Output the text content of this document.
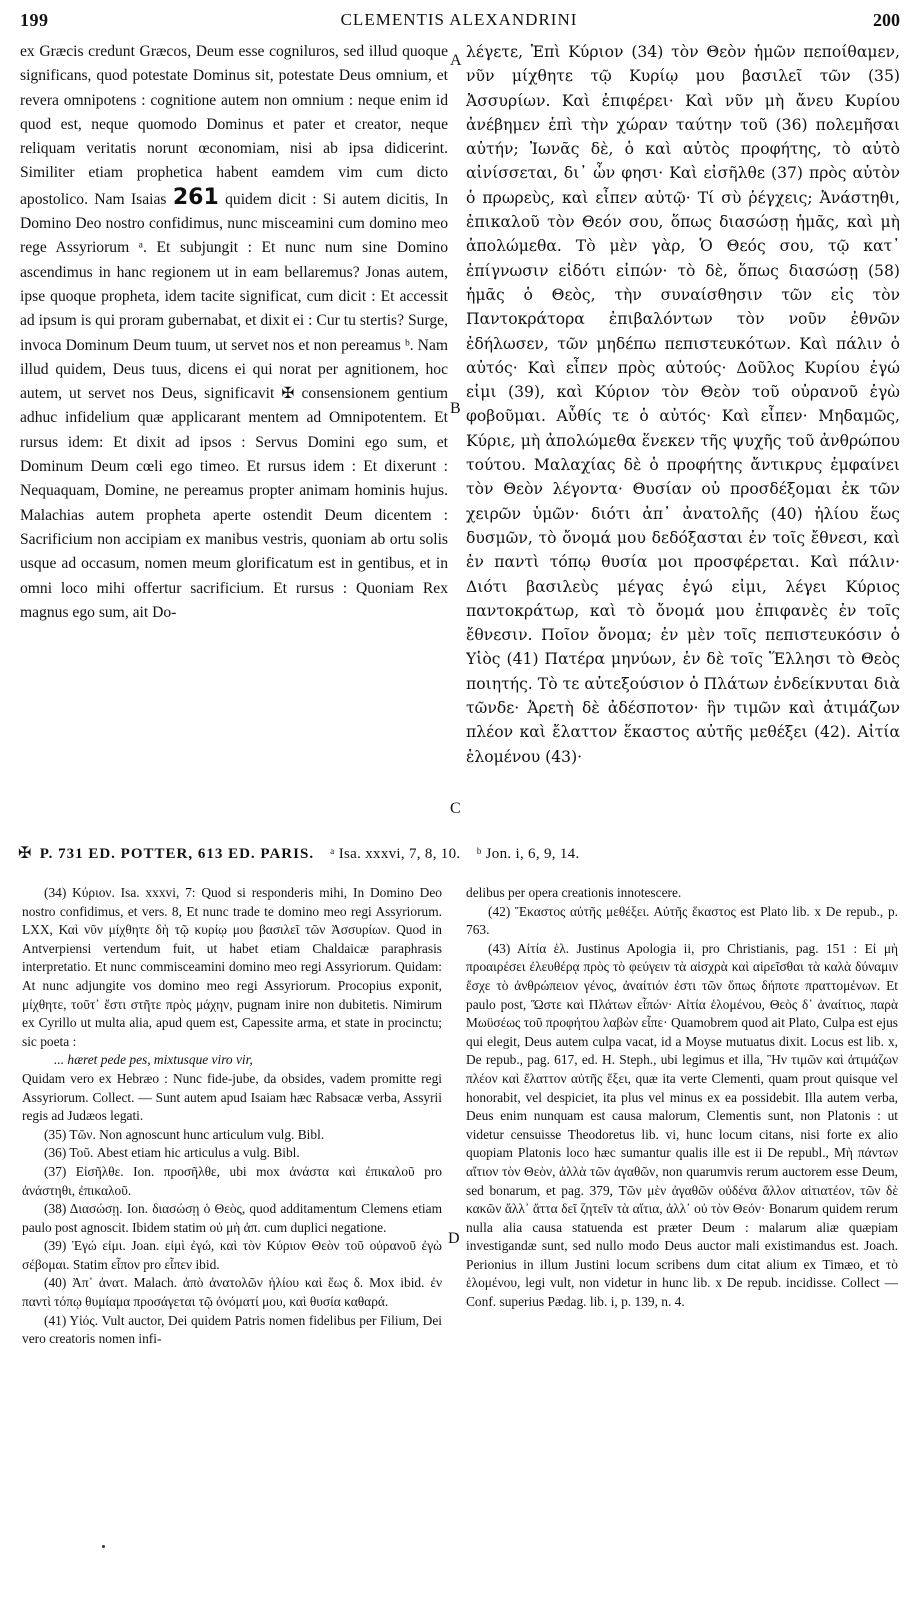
199	CLEMENTIS ALEXANDRINI	200

ex Græcis credunt Græcos, Deum esse cogniluros, sed illud quoque significans, quod potestate Dominus sit, potestate Deus omnium, et revera omnipotens : cognitione autem non omnium : neque enim id quod est, neque quomodo Dominus et pater et creator, neque reliquam veritatis norunt œconomiam, nisi ab ipsa didicerint. Similiter etiam prophetica habent eamdem vim cum dicto apostolico. Nam Isaias 261 quidem dicit : Si autem dicitis, In Domino Deo nostro confidimus, nunc misceamini cum domino meo rege Assyriorum ᵃ. Et subjungit : Et nunc num sine Domino ascendimus in hanc regionem ut in eam bellaremus? Jonas autem, ipse quoque propheta, idem tacite significat, cum dicit : Et accessit ad ipsum is qui proram gubernabat, et dixit ei : Cur tu stertis? Surge, invoca Dominum Deum tuum, ut servet nos et non pereamus ᵇ. Nam illud quidem, Deus tuus, dicens ei qui norat per agnitionem, hoc autem, ut servet nos Deus, significavit ✠ consensionem gentium adhuc infidelium quæ applicarant mentem ad Omnipotentem. Et rursus idem: Et dixit ad ipsos : Servus Domini ego sum, et Dominum Deum cœli ego timeo. Et rursus idem : Et dixerunt : Nequaquam, Domine, ne pereamus propter animam hominis hujus. Malachias autem propheta aperte ostendit Deum dicentem : Sacrificium non accipiam ex manibus vestris, quoniam ab ortu solis usque ad occasum, nomen meum glorificatum est in gentibus, et in omni loco mihi offertur sacrificium. Et rursus : Quoniam Rex magnus ego sum, ait Do-

A
B
C
D

λέγετε, Ἐπὶ Κύριον (34) τὸν Θεὸν ἡμῶν πεποίθαμεν, νῦν μίχθητε τῷ Κυρίῳ μου βασιλεῖ τῶν (35) Ἀσσυρίων. Καὶ ἐπιφέρει· Καὶ νῦν μὴ ἄνευ Κυρίου ἀνέβημεν ἐπὶ τὴν χώραν ταύτην τοῦ (36) πολεμῆσαι αὐτήν; Ἰωνᾶς δὲ, ὁ καὶ αὐτὸς προφήτης, τὸ αὐτὸ αἰνίσσεται, δι᾽ ὧν φησι· Καὶ εἰσῆλθε (37) πρὸς αὐτὸν ὁ πρωρεὺς, καὶ εἶπεν αὐτῷ· Τί σὺ ῥέγχεις; Ἀνάστηθι, ἐπικαλοῦ τὸν Θεόν σου, ὅπως διασώσῃ ἡμᾶς, καὶ μὴ ἀπολώμεθα. Τὸ μὲν γὰρ, Ὁ Θεός σου, τῷ κατ᾽ ἐπίγνωσιν εἰδότι εἰπών· τὸ δὲ, ὅπως διασώσῃ (58) ἡμᾶς ὁ Θεὸς, τὴν συναίσθησιν τῶν εἰς τὸν Παντοκράτορα ἐπιβαλόντων τὸν νοῦν ἐθνῶν ἐδήλωσεν, τῶν μηδέπω πεπιστευκότων. Καὶ πάλιν ὁ αὐτός· Καὶ εἶπεν πρὸς αὐτούς· Δοῦλος Κυρίου ἐγώ εἰμι (39), καὶ Κύριον τὸν Θεὸν τοῦ οὐρανοῦ ἐγὼ φοβοῦμαι. Αὖθίς τε ὁ αὐτός· Καὶ εἶπεν· Μηδαμῶς, Κύριε, μὴ ἀπολώμεθα ἕνεκεν τῆς ψυχῆς τοῦ ἀνθρώπου τούτου. Μαλαχίας δὲ ὁ προφήτης ἄντικρυς ἐμφαίνει τὸν Θεὸν λέγοντα· Θυσίαν οὐ προσδέξομαι ἐκ τῶν χειρῶν ὑμῶν· διότι ἀπ᾽ ἀνατολῆς (40) ἡλίου ἕως δυσμῶν, τὸ ὄνομά μου δεδόξασται ἐν τοῖς ἔθνεσι, καὶ ἐν παντὶ τόπῳ θυσία μοι προσφέρεται. Καὶ πάλιν· Διότι βασιλεὺς μέγας ἐγώ εἰμι, λέγει Κύριος παντοκράτωρ, καὶ τὸ ὄνομά μου ἐπιφανὲς ἐν τοῖς ἔθνεσιν. Ποῖον ὄνομα; ἐν μὲν τοῖς πεπιστευκόσιν ὁ Υἱὸς (41) Πατέρα μηνύων, ἐν δὲ τοῖς Ἕλλησι τὸ Θεὸς ποιητής. Τὸ τε αὐτεξούσιον ὁ Πλάτων ἐνδείκνυται διὰ τῶνδε· Ἀρετὴ δὲ ἀδέσποτον· ἣν τιμῶν καὶ ἀτιμάζων πλέον καὶ ἔλαττον ἕκαστος αὐτῆς μεθέξει (42). Αἰτία ἑλομένου (43)·

✠ P. 731 ED. POTTER, 613 ED. PARIS. ᵃ Isa. xxxvi, 7, 8, 10. ᵇ Jon. i, 6, 9, 14.

(34) Κύριον. Isa. xxxvi, 7: Quod si responderis mihi, In Domino Deo nostro confidimus, et vers. 8, Et nunc trade te domino meo regi Assyriorum. LXX, Καὶ νῦν μίχθητε δὴ τῷ κυρίῳ μου βασιλεῖ τῶν Ἀσσυρίων. Quod in Antverpiensi vertendum fuit, ut habet etiam Chaldaicæ paraphrasis interpretatio. Et nunc commisceamini domino meo regi Assyriorum. Quidam: At nunc adjungite vos domino meo regi Assyriorum. Procopius exponit, μίχθητε, τοῦτ᾽ ἔστι στῆτε πρὸς μάχην, pugnam inire non dubitetis. Nimirum ex Cyrillo ut multa alia, apud quem est, Capessite arma, et state in procinctu; sic poeta :

... hæret pede pes, mixtusque viro vir,

Quidam vero ex Hebræo : Nunc fide-jube, da obsides, vadem promitte regi Assyriorum. Collect. — Sunt autem apud Isaiam hæc Rabsacæ verba, Assyrii regis ad Judæos legati.

(35) Τῶν. Non agnoscunt hunc articulum vulg. Bibl.

(36) Τοῦ. Abest etiam hic articulus a vulg. Bibl.

(37) Εἰσῆλθε. Ion. προσῆλθε, ubi mox ἀνάστα καὶ ἐπικαλοῦ pro ἀνάστηθι, ἐπικαλοῦ.

(38) Διασώσῃ. Ion. διασώσῃ ὁ Θεὸς, quod additamentum Clemens etiam paulo post agnoscit. Ibidem statim οὐ μὴ ἀπ. cum duplici negatione.

(39) Ἐγώ εἰμι. Joan. εἰμὶ ἐγώ, καὶ τὸν Κύριον Θεὸν τοῦ οὐρανοῦ ἐγὼ σέβομαι. Statim εἶπον pro εἶπεν ibid.

(40) Ἀπ᾽ ἀνατ. Malach. ἀπὸ ἀνατολῶν ἡλίου καὶ ἕως δ. Mox ibid. ἐν παντὶ τόπῳ θυμίαμα προσάγεται τῷ ὀνόματί μου, καὶ θυσία καθαρά.

(41) Υἱός. Vult auctor, Dei quidem Patris nomen fidelibus per Filium, Dei vero creatoris nomen infi-

delibus per opera creationis innotescere.

(42) Ἕκαστος αὐτῆς μεθέξει. Αὐτῆς ἕκαστος est Plato lib. x De repub., p. 763.

(43) Αἰτία ἑλ. Justinus Apologia ii, pro Christianis, pag. 151 : Εἰ μὴ προαιρέσει ἐλευθέρᾳ πρὸς τὸ φεύγειν τὰ αἰσχρὰ καὶ αἱρεῖσθαι τὰ καλὰ δύναμιν ἔσχε τὸ ἀνθρώπειον γένος, ἀναίτιόν ἐστι τῶν ὅπως δήποτε πραττομένων. Et paulo post, Ὥστε καὶ Πλάτων εἶπών· Αἰτία ἑλομένου, Θεὸς δ᾽ ἀναίτιος, παρὰ Μωϋσέως τοῦ προφήτου λαβὼν εἶπε· Quamobrem quod ait Plato, Culpa est ejus qui elegit, Deus autem culpa vacat, id a Moyse mutuatus dixit. Locus est lib. x, De repub., pag. 617, ed. H. Steph., ubi legimus et illa, Ἣν τιμῶν καὶ ἀτιμάζων πλέον καὶ ἔλαττον αὐτῆς ἕξει, quæ ita verte Clementi, quam prout quisque vel honorabit, vel despiciet, ita plus vel minus ex ea possidebit. Illa autem verba, Deus enim nunquam est causa malorum, Clementis sunt, non Platonis : ut videtur censuisse Theodoretus lib. vi, hunc locum citans, nisi forte ex alio quopiam Platonis loco hæc sumantur qualis ille est ii De republ., Μὴ πάντων αἴτιον τὸν Θεὸν, ἀλλὰ τῶν ἀγαθῶν, non quarumvis rerum auctorem esse Deum, sed bonarum, et pag. 379, Τῶν μὲν ἀγαθῶν οὐδένα ἄλλον αἰτιατέον, τῶν δὲ κακῶν ἄλλ᾽ ἄττα δεῖ ζητεῖν τὰ αἴτια, ἀλλ᾽ οὐ τὸν Θεόν· Bonarum quidem rerum nulla alia causa statuenda est præter Deum : malarum aliæ quæpiam investigandæ sunt, sed nullo modo Deus auctor mali existimandus est. Joach. Perionius in illum Justini locum scribens dum citat alium ex Timæo, et τὸ ἑλομένου, legi vult, non videtur in hunc lib. x De repub. incidisse. Collect — Conf. superius Pædag. lib. i, p. 139, n. 4.
